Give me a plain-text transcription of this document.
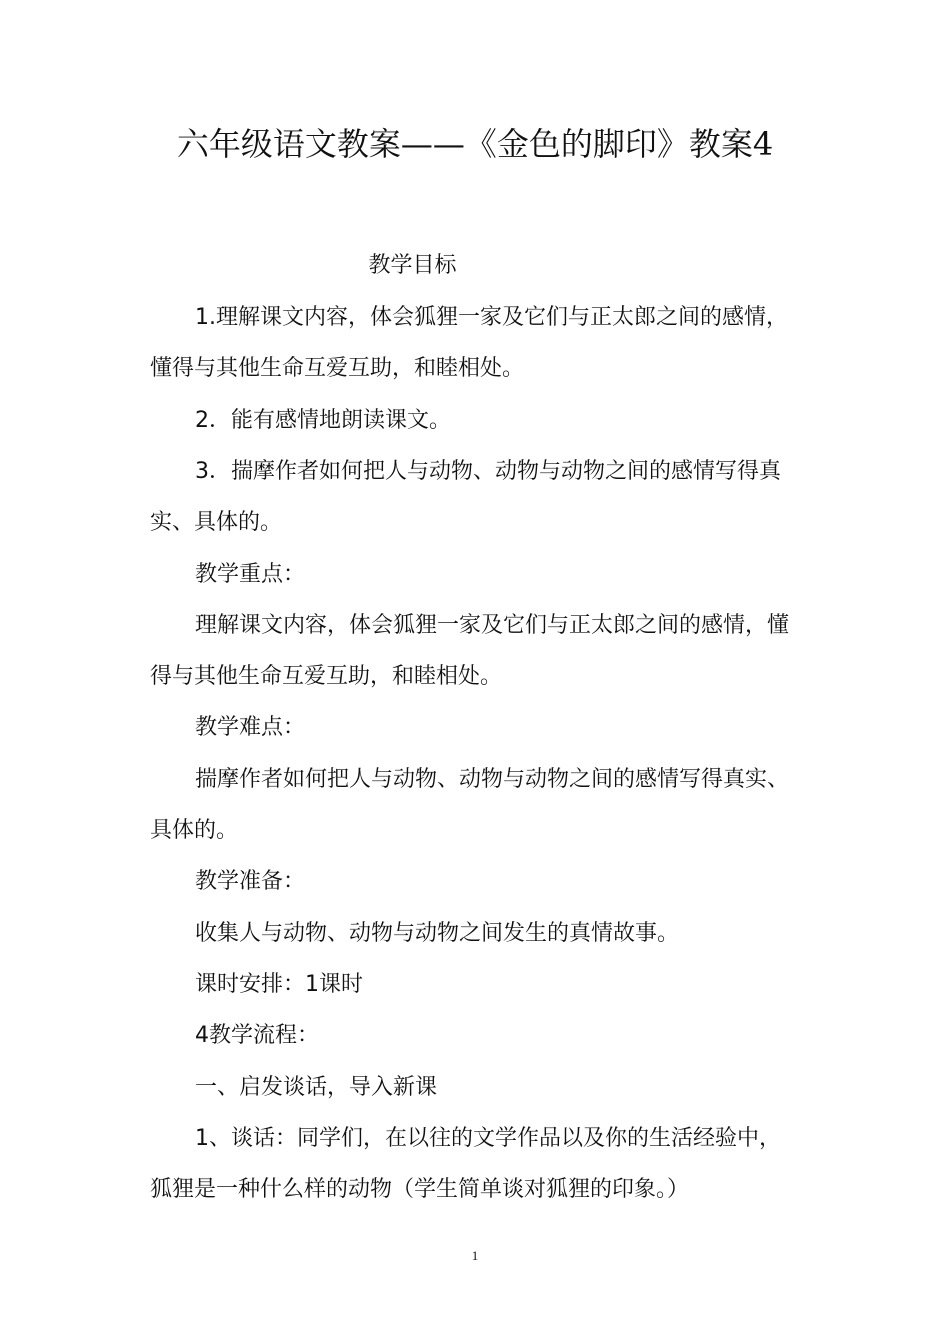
六年级语文教案——《金色的脚印》教案4
教学目标
1.理解课文内容，体会狐狸一家及它们与正太郎之间的感情，
懂得与其他生命互爱互助，和睦相处。
2．能有感情地朗读课文。
3．揣摩作者如何把人与动物、动物与动物之间的感情写得真
实、具体的。
教学重点：
理解课文内容，体会狐狸一家及它们与正太郎之间的感情，懂
得与其他生命互爱互助，和睦相处。
教学难点：
揣摩作者如何把人与动物、动物与动物之间的感情写得真实、
具体的。
教学准备：
收集人与动物、动物与动物之间发生的真情故事。
课时安排：1课时
4教学流程：
一、启发谈话，导入新课
1、谈话：同学们，在以往的文学作品以及你的生活经验中，
狐狸是一种什么样的动物（学生简单谈对狐狸的印象。）
1
